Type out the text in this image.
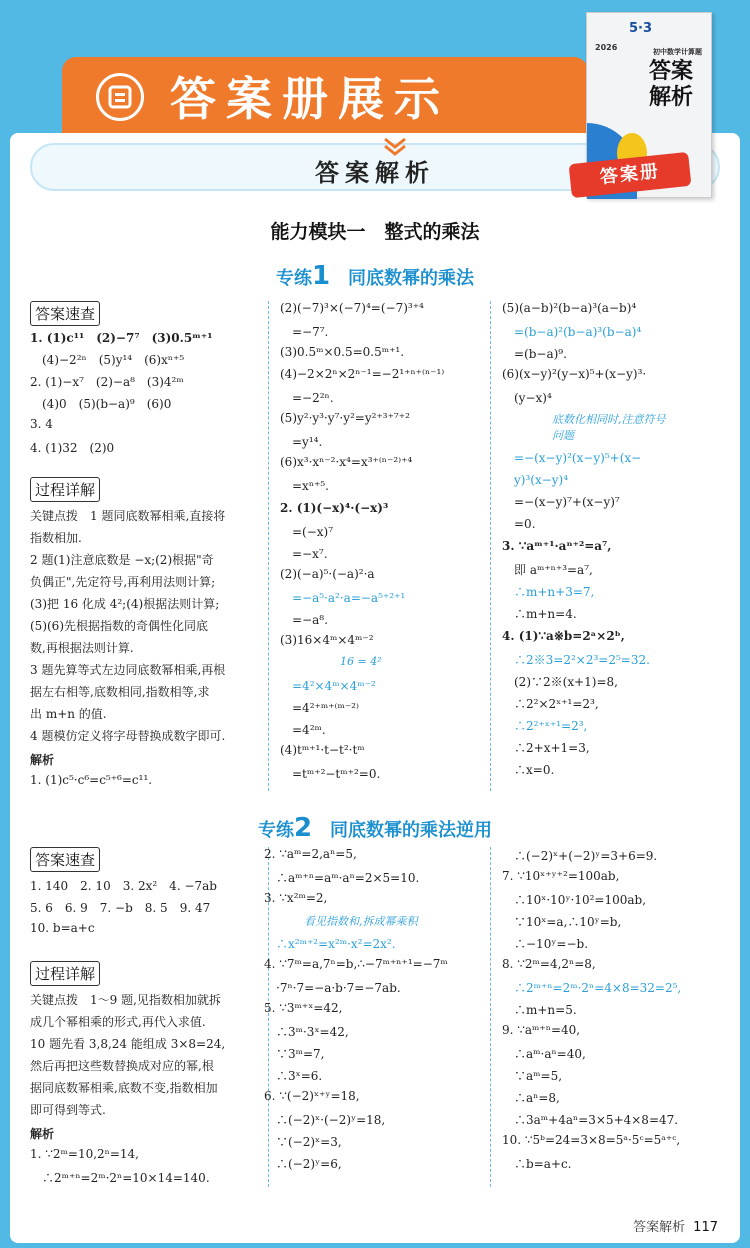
答案册展示
答案解析
能力模块一　整式的乘法
专练1　 同底数幂的乘法
答案速查
1. (1)c¹¹　(2)−7⁷　(3)0.5ᵐ⁺¹
　(4)−2²ⁿ　(5)y¹⁴　(6)xⁿ⁺⁵
2. (1)−x⁷　(2)−a⁸　(3)4²ᵐ
　(4)0　(5)(b−a)⁹　(6)0
3. 4
4. (1)32　(2)0
过程详解
关键点拨　1 题同底数幂相乘,直接将
指数相加.
2 题(1)注意底数是 −x;(2)根据"奇
负偶正",先定符号,再利用法则计算;
(3)把 16 化成 4²;(4)根据法则计算;
(5)(6)先根据指数的奇偶性化同底
数,再根据法则计算.
3 题先算等式左边同底数幂相乘,再根
据左右相等,底数相同,指数相等,求
出 m+n 的值.
4 题模仿定义将字母替换成数字即可.
解析
1. (1)c⁵·c⁶=c⁵⁺⁶=c¹¹.
(2)(−7)³×(−7)⁴=(−7)³⁺⁴
　=−7⁷.
(3)0.5ᵐ×0.5=0.5ᵐ⁺¹.
(4)−2×2ⁿ×2ⁿ⁻¹=−2¹⁺ⁿ⁺⁽ⁿ⁻¹⁾
　=−2²ⁿ.
(5)y²·y³·y⁷·y²=y²⁺³⁺⁷⁺²
　=y¹⁴.
(6)x³·xⁿ⁻²·x⁴=x³⁺⁽ⁿ⁻²⁾⁺⁴
　=xⁿ⁺⁵.
2. (1)(−x)⁴·(−x)³
　=(−x)⁷
　=−x⁷.
(2)(−a)⁵·(−a)²·a
　=−a⁵·a²·a=−a⁵⁺²⁺¹
　=−a⁸.
(3)16×4ᵐ×4ᵐ⁻²
16 = 4²
　=4²×4ᵐ×4ᵐ⁻²
　=4²⁺ᵐ⁺⁽ᵐ⁻²⁾
　=4²ᵐ.
(4)tᵐ⁺¹·t−t²·tᵐ
　=tᵐ⁺²−tᵐ⁺²=0.
(5)(a−b)²(b−a)³(a−b)⁴
　=(b−a)²(b−a)³(b−a)⁴
　=(b−a)⁹.
(6)(x−y)²(y−x)⁵+(x−y)³·
　(y−x)⁴
底数化相同时,注意符号
问题
　=−(x−y)²(x−y)⁵+(x−
　y)³(x−y)⁴
　=−(x−y)⁷+(x−y)⁷
　=0.
3. ∵aᵐ⁺¹·aⁿ⁺²=a⁷,
　即 aᵐ⁺ⁿ⁺³=a⁷,
　∴m+n+3=7,
　∴m+n=4.
4. (1)∵a※b=2ᵃ×2ᵇ,
　∴2※3=2²×2³=2⁵=32.
　(2)∵2※(x+1)=8,
　∴2²×2ˣ⁺¹=2³,
　∴2²⁺ˣ⁺¹=2³,
　∴2+x+1=3,
　∴x=0.
专练2　 同底数幂的乘法逆用
答案速查
1. 140　2. 10　3. 2x²　4. −7ab
5. 6　6. 9　7. −b　8. 5　9. 47
10. b=a+c
过程详解
关键点拨　1～9 题,见指数相加就拆
成几个幂相乘的形式,再代入求值.
10 题先看 3,8,24 能组成 3×8=24,
然后再把这些数替换成对应的幂,根
据同底数幂相乘,底数不变,指数相加
即可得到等式.
解析
1. ∵2ᵐ=10,2ⁿ=14,
　∴2ᵐ⁺ⁿ=2ᵐ·2ⁿ=10×14=140.
2. ∵aᵐ=2,aⁿ=5,
　∴aᵐ⁺ⁿ=aᵐ·aⁿ=2×5=10.
3. ∵x²ᵐ=2,
看见指数和,拆成幂乘积
　∴x²ᵐ⁺²=x²ᵐ·x²=2x².
4. ∵7ᵐ=a,7ⁿ=b,∴−7ᵐ⁺ⁿ⁺¹=−7ᵐ
　·7ⁿ·7=−a·b·7=−7ab.
5. ∵3ᵐ⁺ˣ=42,
　∴3ᵐ·3ˣ=42,
　∵3ᵐ=7,
　∴3ˣ=6.
6. ∵(−2)ˣ⁺ʸ=18,
　∴(−2)ˣ·(−2)ʸ=18,
　∵(−2)ˣ=3,
　∴(−2)ʸ=6,
　∴(−2)ˣ+(−2)ʸ=3+6=9.
7. ∵10ˣ⁺ʸ⁺²=100ab,
　∴10ˣ·10ʸ·10²=100ab,
　∵10ˣ=a,∴10ʸ=b,
　∴−10ʸ=−b.
8. ∵2ᵐ=4,2ⁿ=8,
　∴2ᵐ⁺ⁿ=2ᵐ·2ⁿ=4×8=32=2⁵,
　∴m+n=5.
9. ∵aᵐ⁺ⁿ=40,
　∴aᵐ·aⁿ=40,
　∵aᵐ=5,
　∴aⁿ=8,
　∴3aᵐ+4aⁿ=3×5+4×8=47.
10. ∵5ᵇ=24=3×8=5ᵃ·5ᶜ=5ᵃ⁺ᶜ,
　∴b=a+c.
答案解析 117
5·3
2026	初中数学计算题
答案
解析
答案册
